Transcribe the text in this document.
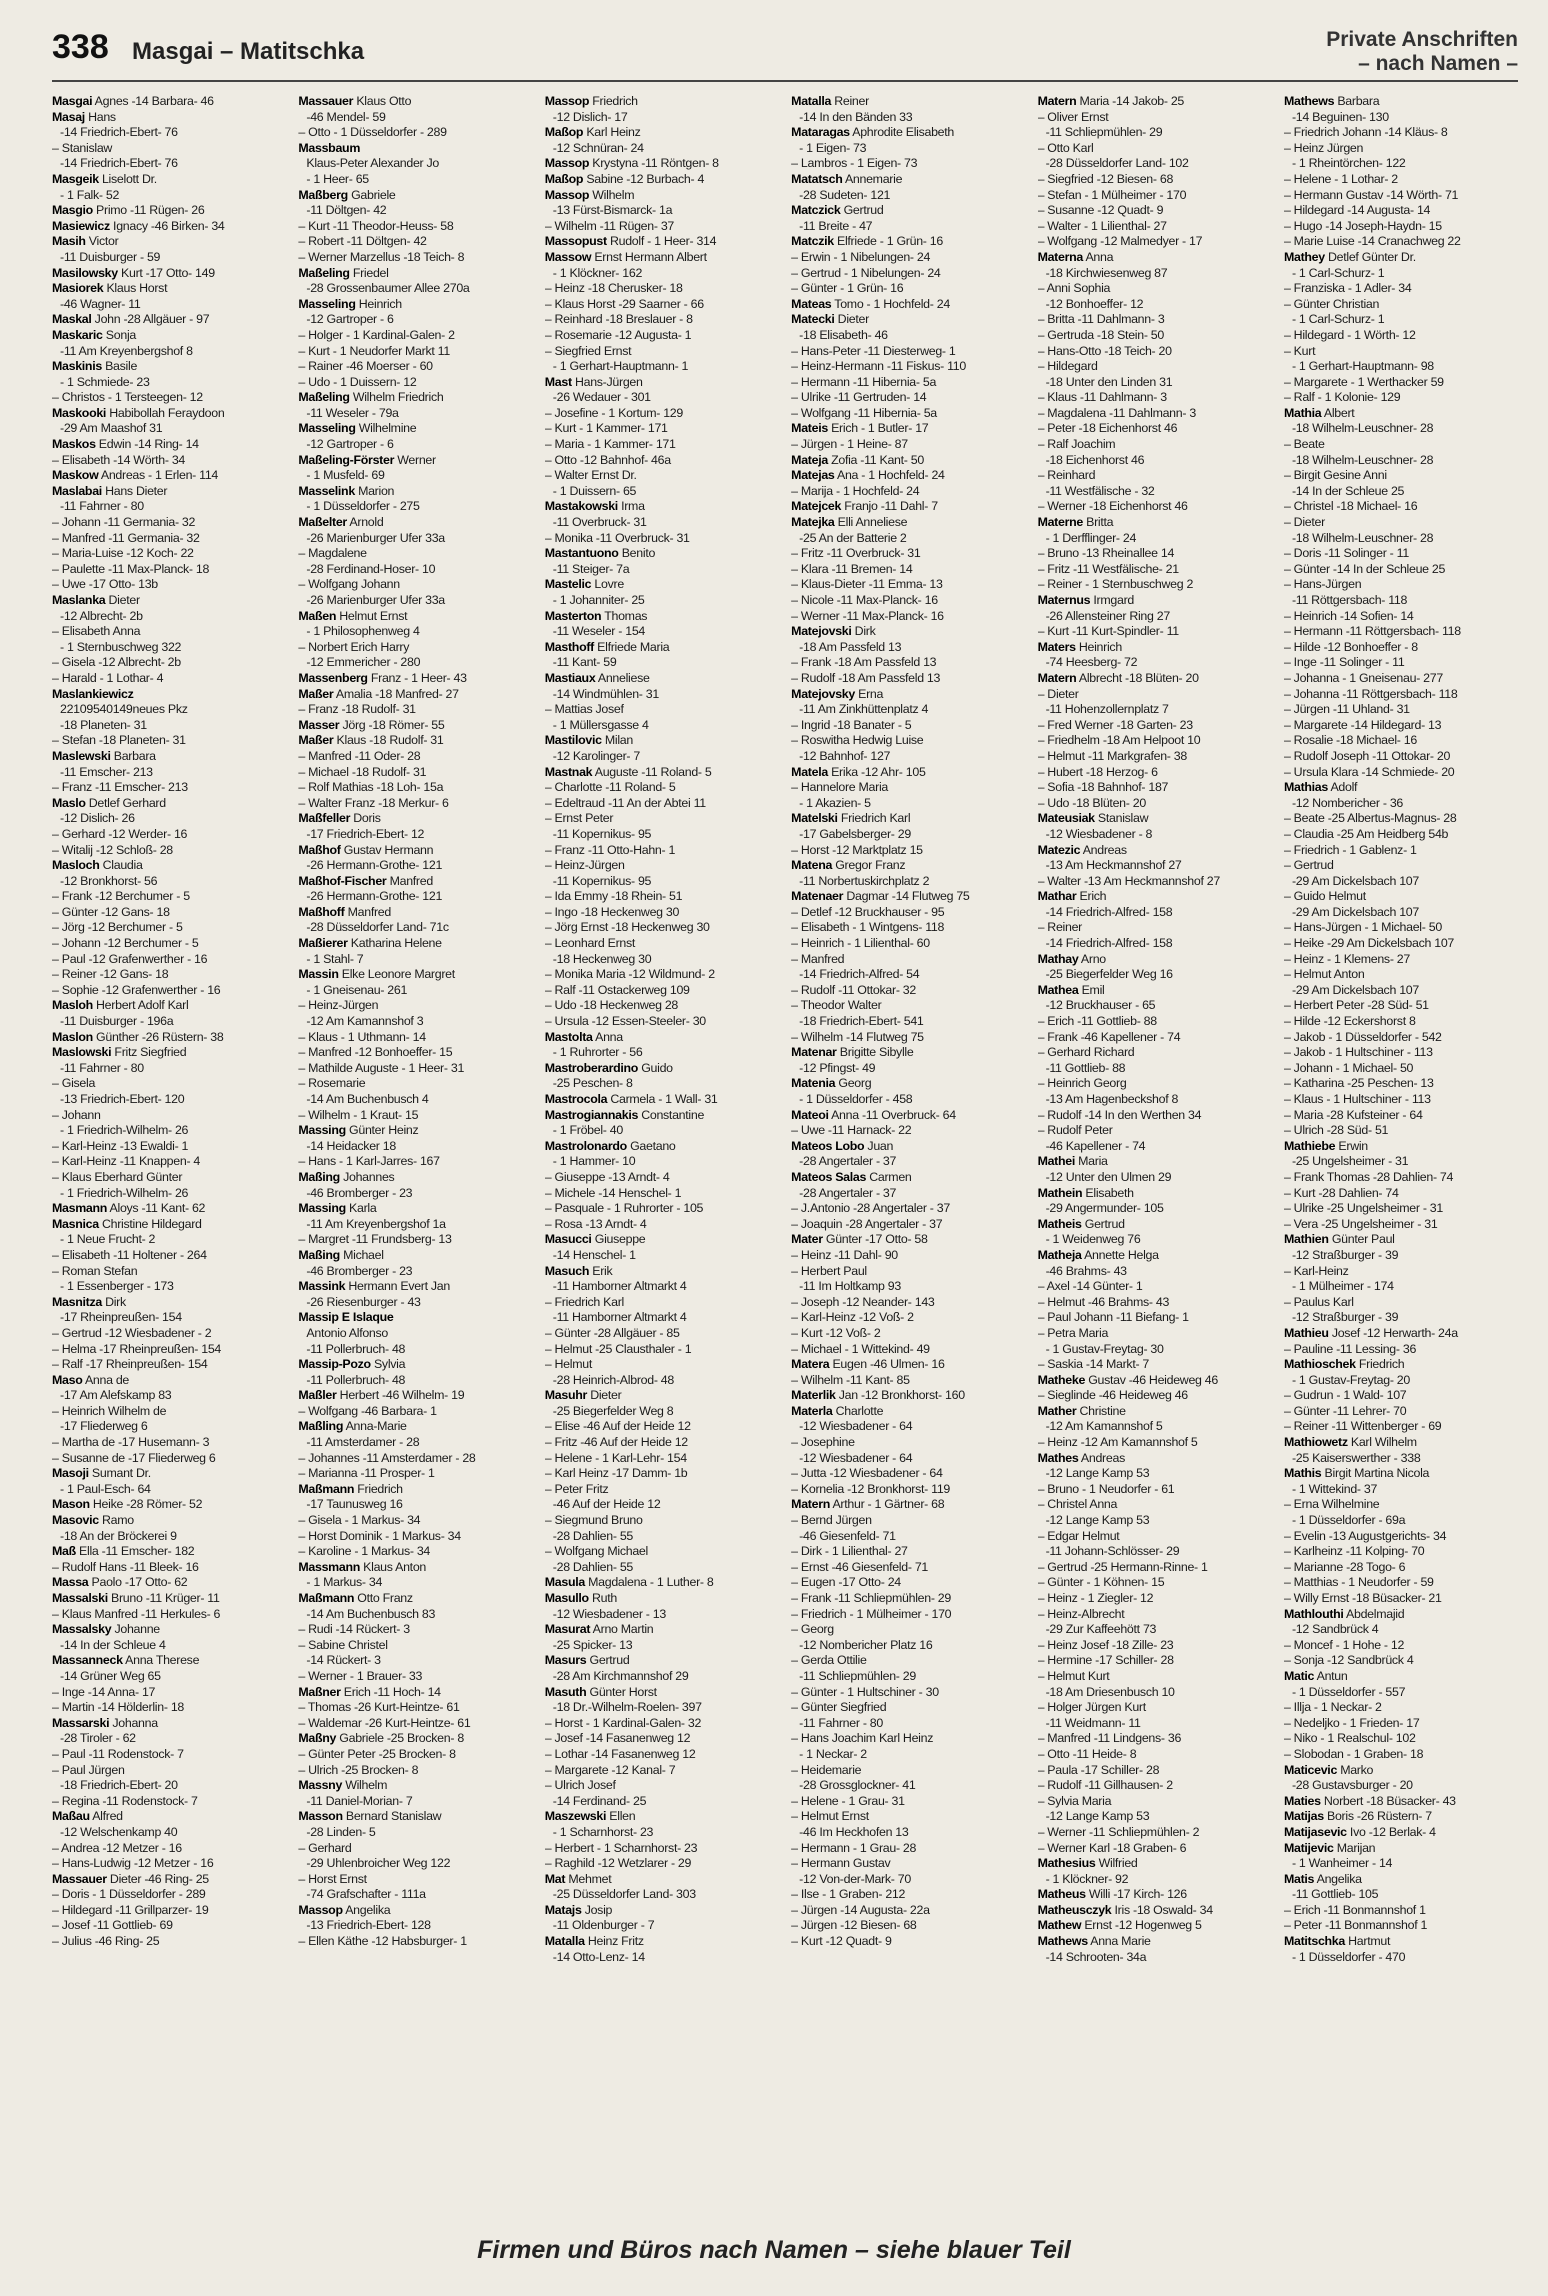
338 Masgai – Matitschka	Private Anschriften
– nach Namen –
Masgai Agnes -14 Barbara- 46
Masaj Hans
-14 Friedrich-Ebert- 76
– Stanislaw
-14 Friedrich-Ebert- 76
Masgeik Liselott Dr.
- 1 Falk- 52
Masgio Primo -11 Rügen- 26
Masiewicz Ignacy -46 Birken- 34
Masih Victor
-11 Duisburger - 59
Masilowsky Kurt -17 Otto- 149
Masiorek Klaus Horst
-46 Wagner- 11
Maskal John -28 Allgäuer - 97
Maskaric Sonja
-11 Am Kreyenbergshof 8
Maskinis Basile
- 1 Schmiede- 23
– Christos - 1 Tersteegen- 12
Maskooki Habibollah Feraydoon
-29 Am Maashof 31
Maskos Edwin -14 Ring- 14
– Elisabeth -14 Wörth- 34
Maskow Andreas - 1 Erlen- 114
Maslabai Hans Dieter
-11 Fahrner - 80
– Johann -11 Germania- 32
– Manfred -11 Germania- 32
– Maria-Luise -12 Koch- 22
– Paulette -11 Max-Planck- 18
– Uwe -17 Otto- 13b
Maslanka Dieter
-12 Albrecht- 2b
– Elisabeth Anna
- 1 Sternbuschweg 322
– Gisela -12 Albrecht- 2b
– Harald - 1 Lothar- 4
Maslankiewicz
22109540149neues Pkz
-18 Planeten- 31
– Stefan -18 Planeten- 31
Maslewski Barbara
-11 Emscher- 213
– Franz -11 Emscher- 213
Maslo Detlef Gerhard
-12 Dislich- 26
– Gerhard -12 Werder- 16
– Witalij -12 Schloß- 28
Masloch Claudia
-12 Bronkhorst- 56
– Frank -12 Berchumer - 5
– Günter -12 Gans- 18
– Jörg -12 Berchumer - 5
– Johann -12 Berchumer - 5
– Paul -12 Grafenwerther - 16
– Reiner -12 Gans- 18
– Sophie -12 Grafenwerther - 16
Masloh Herbert Adolf Karl
-11 Duisburger - 196a
Maslon Günther -26 Rüstern- 38
Maslowski Fritz Siegfried
-11 Fahrner - 80
– Gisela
-13 Friedrich-Ebert- 120
– Johann
- 1 Friedrich-Wilhelm- 26
– Karl-Heinz -13 Ewaldi- 1
– Karl-Heinz -11 Knappen- 4
– Klaus Eberhard Günter
- 1 Friedrich-Wilhelm- 26
Masmann Aloys -11 Kant- 62
Masnica Christine Hildegard
- 1 Neue Frucht- 2
– Elisabeth -11 Holtener - 264
– Roman Stefan
- 1 Essenberger - 173
Masnitza Dirk
-17 Rheinpreußen- 154
– Gertrud -12 Wiesbadener - 2
– Helma -17 Rheinpreußen- 154
– Ralf -17 Rheinpreußen- 154
Maso Anna de
-17 Am Alefskamp 83
– Heinrich Wilhelm de
-17 Fliederweg 6
– Martha de -17 Husemann- 3
– Susanne de -17 Fliederweg 6
Masoji Sumant Dr.
- 1 Paul-Esch- 64
Mason Heike -28 Römer- 52
Masovic Ramo
-18 An der Bröckerei 9
Maß Ella -11 Emscher- 182
– Rudolf Hans -11 Bleek- 16
Massa Paolo -17 Otto- 62
Massalski Bruno -11 Krüger- 11
– Klaus Manfred -11 Herkules- 6
Massalsky Johanne
-14 In der Schleue 4
Massanneck Anna Therese
-14 Grüner Weg 65
– Inge -14 Anna- 17
– Martin -14 Hölderlin- 18
Massarski Johanna
-28 Tiroler - 62
– Paul -11 Rodenstock- 7
– Paul Jürgen
-18 Friedrich-Ebert- 20
– Regina -11 Rodenstock- 7
Maßau Alfred
-12 Welschenkamp 40
– Andrea -12 Metzer - 16
– Hans-Ludwig -12 Metzer - 16
Massauer Dieter -46 Ring- 25
– Doris - 1 Düsseldorfer - 289
– Hildegard -11 Grillparzer- 19
– Josef -11 Gottlieb- 69
– Julius -46 Ring- 25
Massauer Klaus Otto
-46 Mendel- 59
– Otto - 1 Düsseldorfer - 289
Massbaum
Klaus-Peter Alexander Jo
- 1 Heer- 65
Maßberg Gabriele
-11 Döltgen- 42
– Kurt -11 Theodor-Heuss- 58
– Robert -11 Döltgen- 42
– Werner Marzellus -18 Teich- 8
Maßeling Friedel
-28 Grossenbaumer Allee 270a
Masseling Heinrich
-12 Gartroper - 6
– Holger - 1 Kardinal-Galen- 2
– Kurt - 1 Neudorfer Markt 11
– Rainer -46 Moerser - 60
– Udo - 1 Duissern- 12
Maßeling Wilhelm Friedrich
-11 Weseler - 79a
Masseling Wilhelmine
-12 Gartroper - 6
Maßeling-Förster Werner
- 1 Musfeld- 69
Masselink Marion
- 1 Düsseldorfer - 275
Maßelter Arnold
-26 Marienburger Ufer 33a
– Magdalene
-28 Ferdinand-Hoser- 10
– Wolfgang Johann
-26 Marienburger Ufer 33a
Maßen Helmut Ernst
- 1 Philosophenweg 4
– Norbert Erich Harry
-12 Emmericher - 280
Massenberg Franz - 1 Heer- 43
Maßer Amalia -18 Manfred- 27
– Franz -18 Rudolf- 31
Masser Jörg -18 Römer- 55
Maßer Klaus -18 Rudolf- 31
– Manfred -11 Oder- 28
– Michael -18 Rudolf- 31
– Rolf Mathias -18 Loh- 15a
– Walter Franz -18 Merkur- 6
Maßfeller Doris
-17 Friedrich-Ebert- 12
Maßhof Gustav Hermann
-26 Hermann-Grothe- 121
Maßhof-Fischer Manfred
-26 Hermann-Grothe- 121
Maßhoff Manfred
-28 Düsseldorfer Land- 71c
Maßierer Katharina Helene
- 1 Stahl- 7
Massin Elke Leonore Margret
- 1 Gneisenau- 261
– Heinz-Jürgen
-12 Am Kamannshof 3
– Klaus - 1 Uthmann- 14
– Manfred -12 Bonhoeffer- 15
– Mathilde Auguste - 1 Heer- 31
– Rosemarie
-14 Am Buchenbusch 4
– Wilhelm - 1 Kraut- 15
Massing Günter Heinz
-14 Heidacker 18
– Hans - 1 Karl-Jarres- 167
Maßing Johannes
-46 Bromberger - 23
Massing Karla
-11 Am Kreyenbergshof 1a
– Margret -11 Frundsberg- 13
Maßing Michael
-46 Bromberger - 23
Massink Hermann Evert Jan
-26 Riesenburger - 43
Massip E Islaque
Antonio Alfonso
-11 Pollerbruch- 48
Massip-Pozo Sylvia
-11 Pollerbruch- 48
Maßler Herbert -46 Wilhelm- 19
– Wolfgang -46 Barbara- 1
Maßling Anna-Marie
-11 Amsterdamer - 28
– Johannes -11 Amsterdamer - 28
– Marianna -11 Prosper- 1
Maßmann Friedrich
-17 Taunusweg 16
– Gisela - 1 Markus- 34
– Horst Dominik - 1 Markus- 34
– Karoline - 1 Markus- 34
Massmann Klaus Anton
- 1 Markus- 34
Maßmann Otto Franz
-14 Am Buchenbusch 83
– Rudi -14 Rückert- 3
– Sabine Christel
-14 Rückert- 3
– Werner - 1 Brauer- 33
Maßner Erich -11 Hoch- 14
– Thomas -26 Kurt-Heintze- 61
– Waldemar -26 Kurt-Heintze- 61
Maßny Gabriele -25 Brocken- 8
– Günter Peter -25 Brocken- 8
– Ulrich -25 Brocken- 8
Massny Wilhelm
-11 Daniel-Morian- 7
Masson Bernard Stanislaw
-28 Linden- 5
– Gerhard
-29 Uhlenbroicher Weg 122
– Horst Ernst
-74 Grafschafter - 111a
Massop Angelika
-13 Friedrich-Ebert- 128
– Ellen Käthe -12 Habsburger- 1
Massop Friedrich
-12 Dislich- 17
Maßop Karl Heinz
-12 Schnüran- 24
Massop Krystyna -11 Röntgen- 8
Maßop Sabine -12 Burbach- 4
Massop Wilhelm
-13 Fürst-Bismarck- 1a
– Wilhelm -11 Rügen- 37
Massopust Rudolf - 1 Heer- 314
Massow Ernst Hermann Albert
- 1 Klöckner- 162
– Heinz -18 Cherusker- 18
– Klaus Horst -29 Saarner - 66
– Reinhard -18 Breslauer - 8
– Rosemarie -12 Augusta- 1
– Siegfried Ernst
- 1 Gerhart-Hauptmann- 1
Mast Hans-Jürgen
-26 Wedauer - 301
– Josefine - 1 Kortum- 129
– Kurt - 1 Kammer- 171
– Maria - 1 Kammer- 171
– Otto -12 Bahnhof- 46a
– Walter Ernst Dr.
- 1 Duissern- 65
Mastakowski Irma
-11 Overbruck- 31
– Monika -11 Overbruck- 31
Mastantuono Benito
-11 Steiger- 7a
Mastelic Lovre
- 1 Johanniter- 25
Masterton Thomas
-11 Weseler - 154
Masthoff Elfriede Maria
-11 Kant- 59
Mastiaux Anneliese
-14 Windmühlen- 31
– Mattias Josef
- 1 Müllersgasse 4
Mastilovic Milan
-12 Karolinger- 7
Mastnak Auguste -11 Roland- 5
– Charlotte -11 Roland- 5
– Edeltraud -11 An der Abtei 11
– Ernst Peter
-11 Kopernikus- 95
– Franz -11 Otto-Hahn- 1
– Heinz-Jürgen
-11 Kopernikus- 95
– Ida Emmy -18 Rhein- 51
– Ingo -18 Heckenweg 30
– Jörg Ernst -18 Heckenweg 30
– Leonhard Ernst
-18 Heckenweg 30
– Monika Maria -12 Wildmund- 2
– Ralf -11 Ostackerweg 109
– Udo -18 Heckenweg 28
– Ursula -12 Essen-Steeler- 30
Mastolta Anna
- 1 Ruhrorter - 56
Mastroberardino Guido
-25 Peschen- 8
Mastrocola Carmela - 1 Wall- 31
Mastrogiannakis Constantine
- 1 Fröbel- 40
Mastrolonardo Gaetano
- 1 Hammer- 10
– Giuseppe -13 Arndt- 4
– Michele -14 Henschel- 1
– Pasquale - 1 Ruhrorter - 105
– Rosa -13 Arndt- 4
Masucci Giuseppe
-14 Henschel- 1
Masuch Erik
-11 Hamborner Altmarkt 4
– Friedrich Karl
-11 Hamborner Altmarkt 4
– Günter -28 Allgäuer - 85
– Helmut -25 Clausthaler - 1
– Helmut
-28 Heinrich-Albrod- 48
Masuhr Dieter
-25 Biegerfelder Weg 8
– Elise -46 Auf der Heide 12
– Fritz -46 Auf der Heide 12
– Helene - 1 Karl-Lehr- 154
– Karl Heinz -17 Damm- 1b
– Peter Fritz
-46 Auf der Heide 12
– Siegmund Bruno
-28 Dahlien- 55
– Wolfgang Michael
-28 Dahlien- 55
Masula Magdalena - 1 Luther- 8
Masullo Ruth
-12 Wiesbadener - 13
Masurat Arno Martin
-25 Spicker- 13
Masurs Gertrud
-28 Am Kirchmannshof 29
Masuth Günter Horst
-18 Dr.-Wilhelm-Roelen- 397
– Horst - 1 Kardinal-Galen- 32
– Josef -14 Fasanenweg 12
– Lothar -14 Fasanenweg 12
– Margarete -12 Kanal- 7
– Ulrich Josef
-14 Ferdinand- 25
Maszewski Ellen
- 1 Scharnhorst- 23
– Herbert - 1 Scharnhorst- 23
– Raghild -12 Wetzlarer - 29
Mat Mehmet
-25 Düsseldorfer Land- 303
Matajs Josip
-11 Oldenburger - 7
Matalla Heinz Fritz
-14 Otto-Lenz- 14
Matalla Reiner
-14 In den Bänden 33
Mataragas Aphrodite Elisabeth
- 1 Eigen- 73
– Lambros - 1 Eigen- 73
Matatsch Annemarie
-28 Sudeten- 121
Matczick Gertrud
-11 Breite - 47
Matczik Elfriede - 1 Grün- 16
– Erwin - 1 Nibelungen- 24
– Gertrud - 1 Nibelungen- 24
– Günter - 1 Grün- 16
Mateas Tomo - 1 Hochfeld- 24
Matecki Dieter
-18 Elisabeth- 46
– Hans-Peter -11 Diesterweg- 1
– Heinz-Hermann -11 Fiskus- 110
– Hermann -11 Hibernia- 5a
– Ulrike -11 Gertruden- 14
– Wolfgang -11 Hibernia- 5a
Mateis Erich - 1 Butler- 17
– Jürgen - 1 Heine- 87
Mateja Zofia -11 Kant- 50
Matejas Ana - 1 Hochfeld- 24
– Marija - 1 Hochfeld- 24
Matejcek Franjo -11 Dahl- 7
Matejka Elli Anneliese
-25 An der Batterie 2
– Fritz -11 Overbruck- 31
– Klara -11 Bremen- 14
– Klaus-Dieter -11 Emma- 13
– Nicole -11 Max-Planck- 16
– Werner -11 Max-Planck- 16
Matejovski Dirk
-18 Am Passfeld 13
– Frank -18 Am Passfeld 13
– Rudolf -18 Am Passfeld 13
Matejovsky Erna
-11 Am Zinkhüttenplatz 4
– Ingrid -18 Banater - 5
– Roswitha Hedwig Luise
-12 Bahnhof- 127
Matela Erika -12 Ahr- 105
– Hannelore Maria
- 1 Akazien- 5
Matelski Friedrich Karl
-17 Gabelsberger- 29
– Horst -12 Marktplatz 15
Matena Gregor Franz
-11 Norbertuskirchplatz 2
Matenaer Dagmar -14 Flutweg 75
– Detlef -12 Bruckhauser - 95
– Elisabeth - 1 Wintgens- 118
– Heinrich - 1 Lilienthal- 60
– Manfred
-14 Friedrich-Alfred- 54
– Rudolf -11 Ottokar- 32
– Theodor Walter
-18 Friedrich-Ebert- 541
– Wilhelm -14 Flutweg 75
Matenar Brigitte Sibylle
-12 Pfingst- 49
Matenia Georg
- 1 Düsseldorfer - 458
Mateoi Anna -11 Overbruck- 64
– Uwe -11 Harnack- 22
Mateos Lobo Juan
-28 Angertaler - 37
Mateos Salas Carmen
-28 Angertaler - 37
– J.Antonio -28 Angertaler - 37
– Joaquin -28 Angertaler - 37
Mater Günter -17 Otto- 58
– Heinz -11 Dahl- 90
– Herbert Paul
-11 Im Holtkamp 93
– Joseph -12 Neander- 143
– Karl-Heinz -12 Voß- 2
– Kurt -12 Voß- 2
– Michael - 1 Wittekind- 49
Matera Eugen -46 Ulmen- 16
– Wilhelm -11 Kant- 85
Materlik Jan -12 Bronkhorst- 160
Materla Charlotte
-12 Wiesbadener - 64
– Josephine
-12 Wiesbadener - 64
– Jutta -12 Wiesbadener - 64
– Kornelia -12 Bronkhorst- 119
Matern Arthur - 1 Gärtner- 68
– Bernd Jürgen
-46 Giesenfeld- 71
– Dirk - 1 Lilienthal- 27
– Ernst -46 Giesenfeld- 71
– Eugen -17 Otto- 24
– Frank -11 Schliepmühlen- 29
– Friedrich - 1 Mülheimer - 170
– Georg
-12 Nombericher Platz 16
– Gerda Ottilie
-11 Schliepmühlen- 29
– Günter - 1 Hultschiner - 30
– Günter Siegfried
-11 Fahrner - 80
– Hans Joachim Karl Heinz
- 1 Neckar- 2
– Heidemarie
-28 Grossglockner- 41
– Helene - 1 Grau- 31
– Helmut Ernst
-46 Im Heckhofen 13
– Hermann - 1 Grau- 28
– Hermann Gustav
-12 Von-der-Mark- 70
– Ilse - 1 Graben- 212
– Jürgen -14 Augusta- 22a
– Jürgen -12 Biesen- 68
– Kurt -12 Quadt- 9
Matern Maria -14 Jakob- 25
– Oliver Ernst
-11 Schliepmühlen- 29
– Otto Karl
-28 Düsseldorfer Land- 102
– Siegfried -12 Biesen- 68
– Stefan - 1 Mülheimer - 170
– Susanne -12 Quadt- 9
– Walter - 1 Lilienthal- 27
– Wolfgang -12 Malmedyer - 17
Materna Anna
-18 Kirchwiesenweg 87
– Anni Sophia
-12 Bonhoeffer- 12
– Britta -11 Dahlmann- 3
– Gertruda -18 Stein- 50
– Hans-Otto -18 Teich- 20
– Hildegard
-18 Unter den Linden 31
– Klaus -11 Dahlmann- 3
– Magdalena -11 Dahlmann- 3
– Peter -18 Eichenhorst 46
– Ralf Joachim
-18 Eichenhorst 46
– Reinhard
-11 Westfälische - 32
– Werner -18 Eichenhorst 46
Materne Britta
- 1 Derfflinger- 24
– Bruno -13 Rheinallee 14
– Fritz -11 Westfälische- 21
– Reiner - 1 Sternbuschweg 2
Maternus Irmgard
-26 Allensteiner Ring 27
– Kurt -11 Kurt-Spindler- 11
Maters Heinrich
-74 Heesberg- 72
Matern Albrecht -18 Blüten- 20
– Dieter
-11 Hohenzollernplatz 7
– Fred Werner -18 Garten- 23
– Friedhelm -18 Am Helpoot 10
– Helmut -11 Markgrafen- 38
– Hubert -18 Herzog- 6
– Sofia -18 Bahnhof- 187
– Udo -18 Blüten- 20
Mateusiak Stanislaw
-12 Wiesbadener - 8
Matezic Andreas
-13 Am Heckmannshof 27
– Walter -13 Am Heckmannshof 27
Mathar Erich
-14 Friedrich-Alfred- 158
– Reiner
-14 Friedrich-Alfred- 158
Mathay Arno
-25 Biegerfelder Weg 16
Mathea Emil
-12 Bruckhauser - 65
– Erich -11 Gottlieb- 88
– Frank -46 Kapellener - 74
– Gerhard Richard
-11 Gottlieb- 88
– Heinrich Georg
-13 Am Hagenbeckshof 8
– Rudolf -14 In den Werthen 34
– Rudolf Peter
-46 Kapellener - 74
Mathei Maria
-12 Unter den Ulmen 29
Mathein Elisabeth
-29 Angermunder- 105
Matheis Gertrud
- 1 Weidenweg 76
Matheja Annette Helga
-46 Brahms- 43
– Axel -14 Günter- 1
– Helmut -46 Brahms- 43
– Paul Johann -11 Biefang- 1
– Petra Maria
- 1 Gustav-Freytag- 30
– Saskia -14 Markt- 7
Matheke Gustav -46 Heideweg 46
– Sieglinde -46 Heideweg 46
Mather Christine
-12 Am Kamannshof 5
– Heinz -12 Am Kamannshof 5
Mathes Andreas
-12 Lange Kamp 53
– Bruno - 1 Neudorfer - 61
– Christel Anna
-12 Lange Kamp 53
– Edgar Helmut
-11 Johann-Schlösser- 29
– Gertrud -25 Hermann-Rinne- 1
– Günter - 1 Köhnen- 15
– Heinz - 1 Ziegler- 12
– Heinz-Albrecht
-29 Zur Kaffeehött 73
– Heinz Josef -18 Zille- 23
– Hermine -17 Schiller- 28
– Helmut Kurt
-18 Am Driesenbusch 10
– Holger Jürgen Kurt
-11 Weidmann- 11
– Manfred -11 Lindgens- 36
– Otto -11 Heide- 8
– Paula -17 Schiller- 28
– Rudolf -11 Gillhausen- 2
– Sylvia Maria
-12 Lange Kamp 53
– Werner -11 Schliepmühlen- 2
– Werner Karl -18 Graben- 6
Mathesius Wilfried
- 1 Klöckner- 92
Matheus Willi -17 Kirch- 126
Matheusczyk Iris -18 Oswald- 34
Mathew Ernst -12 Hogenweg 5
Mathews Anna Marie
-14 Schrooten- 34a
Mathews Barbara
-14 Beguinen- 130
– Friedrich Johann -14 Kläus- 8
– Heinz Jürgen
- 1 Rheintörchen- 122
– Helene - 1 Lothar- 2
– Hermann Gustav -14 Wörth- 71
– Hildegard -14 Augusta- 14
– Hugo -14 Joseph-Haydn- 15
– Marie Luise -14 Cranachweg 22
Mathey Detlef Günter Dr.
- 1 Carl-Schurz- 1
– Franziska - 1 Adler- 34
– Günter Christian
- 1 Carl-Schurz- 1
– Hildegard - 1 Wörth- 12
– Kurt
- 1 Gerhart-Hauptmann- 98
– Margarete - 1 Werthacker 59
– Ralf - 1 Kolonie- 129
Mathia Albert
-18 Wilhelm-Leuschner- 28
– Beate
-18 Wilhelm-Leuschner- 28
– Birgit Gesine Anni
-14 In der Schleue 25
– Christel -18 Michael- 16
– Dieter
-18 Wilhelm-Leuschner- 28
– Doris -11 Solinger - 11
– Günter -14 In der Schleue 25
– Hans-Jürgen
-11 Röttgersbach- 118
– Heinrich -14 Sofien- 14
– Hermann -11 Röttgersbach- 118
– Hilde -12 Bonhoeffer - 8
– Inge -11 Solinger - 11
– Johanna - 1 Gneisenau- 277
– Johanna -11 Röttgersbach- 118
– Jürgen -11 Uhland- 31
– Margarete -14 Hildegard- 13
– Rosalie -18 Michael- 16
– Rudolf Joseph -11 Ottokar- 20
– Ursula Klara -14 Schmiede- 20
Mathias Adolf
-12 Nombericher - 36
– Beate -25 Albertus-Magnus- 28
– Claudia -25 Am Heidberg 54b
– Friedrich - 1 Gablenz- 1
– Gertrud
-29 Am Dickelsbach 107
– Guido Helmut
-29 Am Dickelsbach 107
– Hans-Jürgen - 1 Michael- 50
– Heike -29 Am Dickelsbach 107
– Heinz - 1 Klemens- 27
– Helmut Anton
-29 Am Dickelsbach 107
– Herbert Peter -28 Süd- 51
– Hilde -12 Eckershorst 8
– Jakob - 1 Düsseldorfer - 542
– Jakob - 1 Hultschiner - 113
– Johann - 1 Michael- 50
– Katharina -25 Peschen- 13
– Klaus - 1 Hultschiner - 113
– Maria -28 Kufsteiner - 64
– Ulrich -28 Süd- 51
Mathiebe Erwin
-25 Ungelsheimer - 31
– Frank Thomas -28 Dahlien- 74
– Kurt -28 Dahlien- 74
– Ulrike -25 Ungelsheimer - 31
– Vera -25 Ungelsheimer - 31
Mathien Günter Paul
-12 Straßburger - 39
– Karl-Heinz
- 1 Mülheimer - 174
– Paulus Karl
-12 Straßburger - 39
Mathieu Josef -12 Herwarth- 24a
– Pauline -11 Lessing- 36
Mathioschek Friedrich
- 1 Gustav-Freytag- 20
– Gudrun - 1 Wald- 107
– Günter -11 Lehrer- 70
– Reiner -11 Wittenberger - 69
Mathiowetz Karl Wilhelm
-25 Kaiserswerther - 338
Mathis Birgit Martina Nicola
- 1 Wittekind- 37
– Erna Wilhelmine
- 1 Düsseldorfer - 69a
– Evelin -13 Augustgerichts- 34
– Karlheinz -11 Kolping- 70
– Marianne -28 Togo- 6
– Matthias - 1 Neudorfer - 59
– Willy Ernst -18 Büsacker- 21
Mathlouthi Abdelmajid
-12 Sandbrück 4
– Moncef - 1 Hohe - 12
– Sonja -12 Sandbrück 4
Matic Antun
- 1 Düsseldorfer - 557
– Illja - 1 Neckar- 2
– Nedeljko - 1 Frieden- 17
– Niko - 1 Realschul- 102
– Slobodan - 1 Graben- 18
Maticevic Marko
-28 Gustavsburger - 20
Maties Norbert -18 Büsacker- 43
Matijas Boris -26 Rüstern- 7
Matijasevic Ivo -12 Berlak- 4
Matijevic Marijan
- 1 Wanheimer - 14
Matis Angelika
-11 Gottlieb- 105
– Erich -11 Bonmannshof 1
– Peter -11 Bonmannshof 1
Matitschka Hartmut
- 1 Düsseldorfer - 470
Firmen und Büros nach Namen – siehe blauer Teil
